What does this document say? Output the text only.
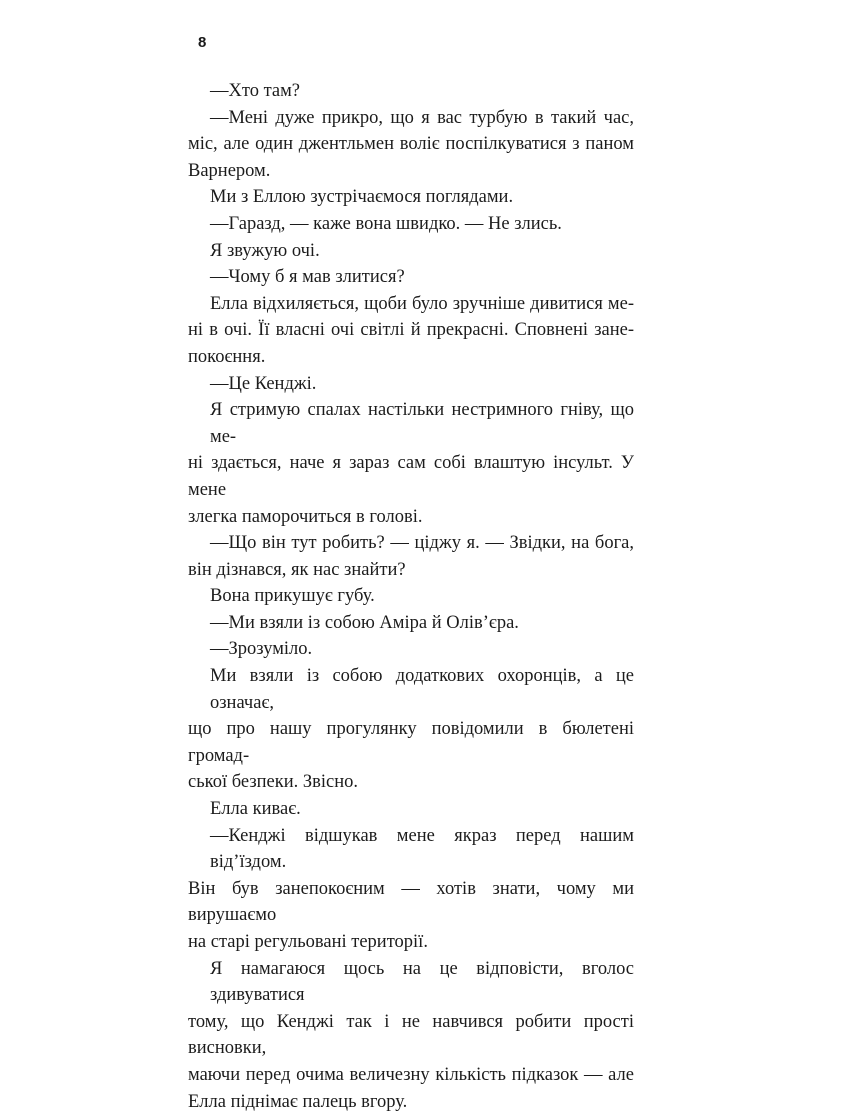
8

—Хто там?
—Мені дуже прикро, що я вас турбую в такий час,
міс, але один джентльмен воліє поспілкуватися з паном
Варнером.
Ми з Еллою зустрічаємося поглядами.
—Гаразд, — каже вона швидко. — Не злись.
Я звужую очі.
—Чому б я мав злитися?
Елла відхиляється, щоби було зручніше дивитися ме-
ні в очі. Її власні очі світлі й прекрасні. Сповнені зане-
покоєння.
—Це Кенджі.
Я стримую спалах настільки нестримного гніву, що ме-
ні здається, наче я зараз сам собі влаштую інсульт. У мене
злегка паморочиться в голові.
—Що він тут робить? — ціджу я. — Звідки, на бога,
він дізнався, як нас знайти?
Вона прикушує губу.
—Ми взяли із собою Аміра й Олів’єра.
—Зрозуміло.
Ми взяли із собою додаткових охоронців, а це означає,
що про нашу прогулянку повідомили в бюлетені громад-
ської безпеки. Звісно.
Елла киває.
—Кенджі відшукав мене якраз перед нашим від’їздом.
Він був занепокоєним — хотів знати, чому ми вирушаємо
на старі регульовані території.
Я намагаюся щось на це відповісти, вголос здивуватися
тому, що Кенджі так і не навчився робити прості висновки,
маючи перед очима величезну кількість підказок — але
Елла піднімає палець вгору.
